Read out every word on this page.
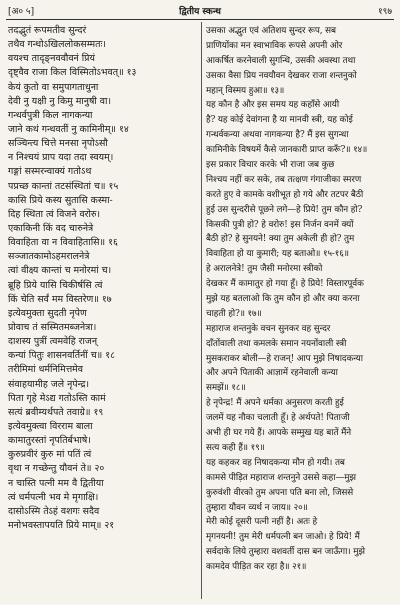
[अ० ५]	द्वितीय स्कन्ध	१९७
तदद्भुतं रूपमतीव सुन्दरं
तथैव गन्धोऽखिललोकसम्मतः।
वयश्च तादृङ्नववौवनं प्रियं
दृष्ट्वैव राजा किल विस्मितोऽभवत्॥ १३
केयं कुतो वा समुपागताधुना
देवी नु यक्षी नु किमु मानुषी वा।
गन्धर्वपुत्री किल नागकन्या
जाने कथं गन्धवतीं नु कामिनीम्॥ १४
सञ्चिन्त्य चित्ते मनसा नृपोऽसौ
न निश्चयं प्राप यदा तदा स्वयम्।
गङ्गां सस्मरन्वाक्यं गतोऽथ
पप्रच्छ कान्तां तटसंस्थितां च॥ १५
कासि प्रिये कस्य सुतासि कस्मा-
दिह स्थिता त्वं विजने वरोरु।
एकाकिनी किं वद चारुनेत्रे
विवाहिता वा न विवाहितासि॥ १६
सञ्जातकामोऽहमरालनेत्रे
त्वां वीक्ष्य कान्तां च मनोरमां च।
ब्रूहि प्रिये यासि चिकीर्षसि त्वं
किं चेति सर्वं मम विस्तरेण॥ १७
इत्येवमुक्ता सुदती नृपेण
प्रोवाच तं सस्मितमब्जनेत्रा।
दाशस्य पुत्रीं त्वमवेहि राजन्
कन्यां पितुः शासनवर्तिनीं च॥ १८
तरीमिमां धर्मनिमित्तमेव
संवाहयामीह जले नृपेन्द्र।
पिता गृहे मेऽद्य गतोऽस्ति कामं
सत्यं ब्रवीम्यर्थपते तवाग्रे॥ १९
इत्येवमुक्त्वा विरराम बाला
कामातुरस्तां नृपतिर्बभाषे।
कुरुप्रवीरं कुरु मां पतिं त्वं
वृथा न गच्छेन्तु यौवनं ते॥ २०
न चास्ति पत्नी मम वै द्वितीया
त्वं धर्मपत्नी भव मे मृगाक्षि।
दासोऽस्मि तेऽहं वशगः सदैव
मनोभवस्तापयति प्रिये माम्॥ २१
उसका अद्भुत एवं अतिशय सुन्दर रूप, सब
प्राणियोंका मन स्वाभाविक रूपसे अपनी ओर
आकर्षित करनेवाली सुगन्धि, उसकी अवस्था तथा
उसका वैसा प्रिय नवयौवन देखकर राजा शन्तनुको
महान् विस्मय हुआ॥ १३॥
यह कौन है और इस समय यह कहाँसे आयी
है? यह कोई देवांगना है या मानवी स्त्री, यह कोई
गन्धर्वकन्या अथवा नागकन्या है? मैं इस सुगन्धा
कामिनीके विषयमें कैसे जानकारी प्राप्त करूँ?॥ १४॥
इस प्रकार विचार करके भी राजा जब कुछ
निश्चय नहीं कर सके, तब तत्क्षण गंगाजीका स्मरण
करते हुए वे कामके वशीभूत हो गये और तटपर बैठी
हुई उस सुन्दरीसे पूछने लगे—हे प्रिये! तुम कौन हो?
किसकी पुत्री हो? हे वरोरु! इस निर्जन वनमें क्यों
बैठी हो? हे सुनयने! क्या तुम अकेली ही हो? तुम
विवाहिता हो या कुमारी; यह बताओ॥ १५-१६॥
हे अरालनेत्रे! तुम जैसी मनोरमा स्त्रीको
देखकर मैं कामातुर हो गया हूँ। हे प्रिये! विस्तारपूर्वक
मुझे यह बतलाओ कि तुम कौन हो और क्या करना
चाहती हो?॥ १७॥
महाराज शन्तनुके वचन सुनकर वह सुन्दर
दाँतोंवाली तथा कमलके समान नयनोंवाली स्त्री
मुसकराकर बोली—हे राजन्! आप मुझे निषादकन्या
और अपने पिताकी आज्ञामें रहनेवाली कन्या
समझें॥ १८॥
हे नृपेन्द्र! मैं अपने धर्मका अनुसरण करती हुई
जलमें यह नौका चलाती हूँ। हे अर्थपते! पिताजी
अभी ही घर गये हैं। आपके सम्मुख यह बातें मैंने
सत्य कही हैं॥ १९॥
यह कहकर वह निषादकन्या मौन हो गयी। तब
कामसे पीड़ित महाराज शन्तनुने उससे कहा—मुझ
कुरुवंशी वीरको तुम अपना पति बना लो, जिससे
तुम्हारा यौवन व्यर्थ न जाय॥ २०॥
मेरी कोई दूसरी पत्नी नहीं है। अतः हे
मृगनयनी! तुम मेरी धर्मपत्नी बन जाओ। हे प्रिये! मैं
सर्वदाके लिये तुम्हारा वशवर्ती दास बन जाऊँगा। मुझे
कामदेव पीड़ित कर रहा है॥ २१॥
